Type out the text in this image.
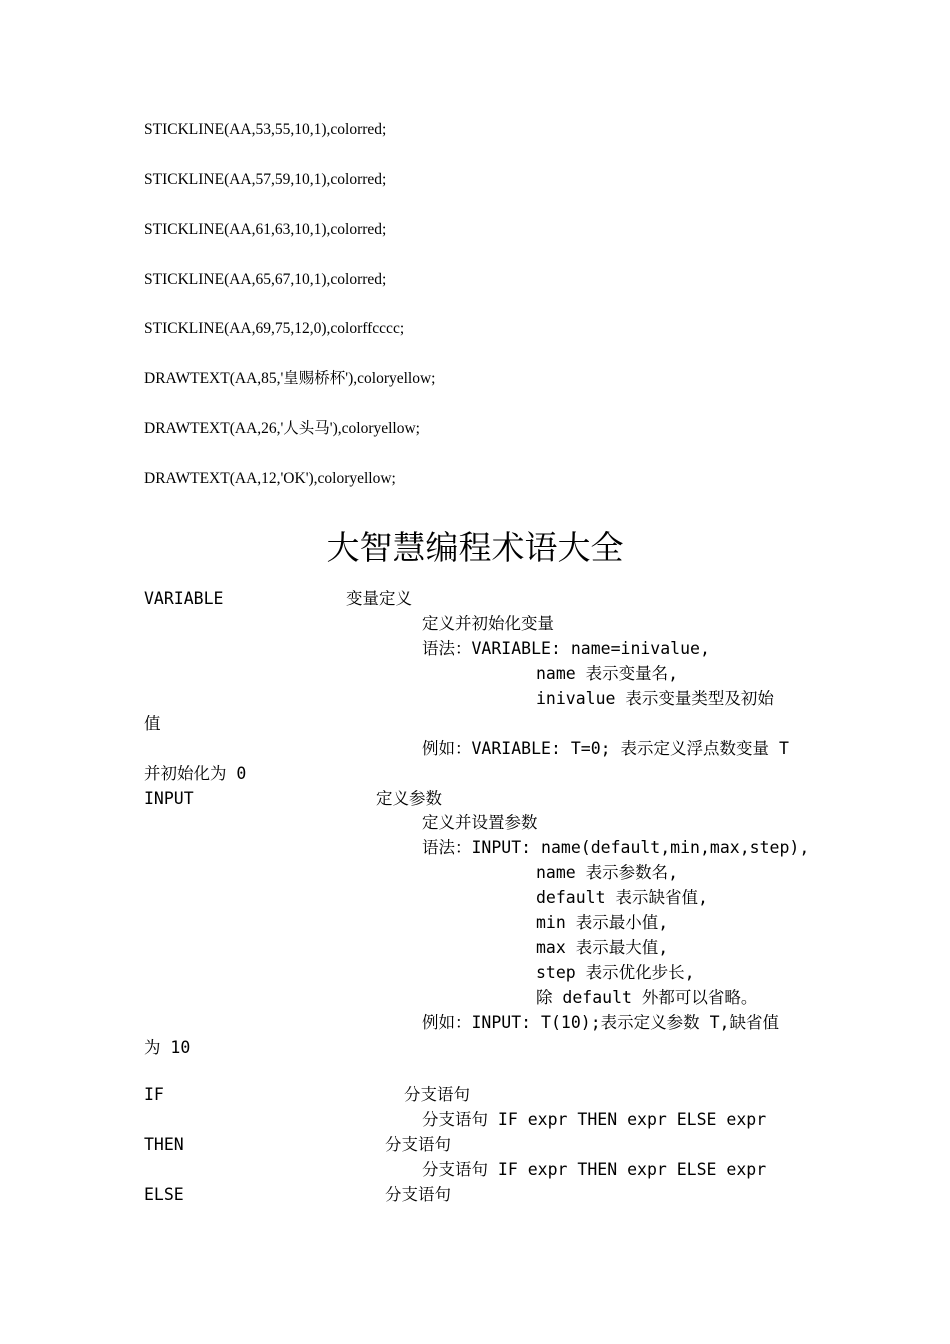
STICKLINE(AA,53,55,10,1),colorred;
STICKLINE(AA,57,59,10,1),colorred;
STICKLINE(AA,61,63,10,1),colorred;
STICKLINE(AA,65,67,10,1),colorred;
STICKLINE(AA,69,75,12,0),colorffcccc;
DRAWTEXT(AA,85,'皇赐桥杯'),coloryellow;
DRAWTEXT(AA,26,'人头马'),coloryellow;
DRAWTEXT(AA,12,'OK'),coloryellow;
大智慧编程术语大全
VARIABLE	变量定义
定义并初始化变量
语法：VARIABLE: name=inivalue,
name 表示变量名,
inivalue 表示变量类型及初始
值
例如：VARIABLE: T=0; 表示定义浮点数变量 T
并初始化为 0
INPUT	定义参数
定义并设置参数
语法：INPUT: name(default,min,max,step),
name 表示参数名,
default 表示缺省值,
min 表示最小值,
max 表示最大值,
step 表示优化步长,
除 default 外都可以省略。
例如：INPUT: T(10);表示定义参数 T,缺省值
为 10
IF	分支语句
分支语句 IF expr THEN expr ELSE expr
THEN	分支语句
分支语句 IF expr THEN expr ELSE expr
ELSE	分支语句
